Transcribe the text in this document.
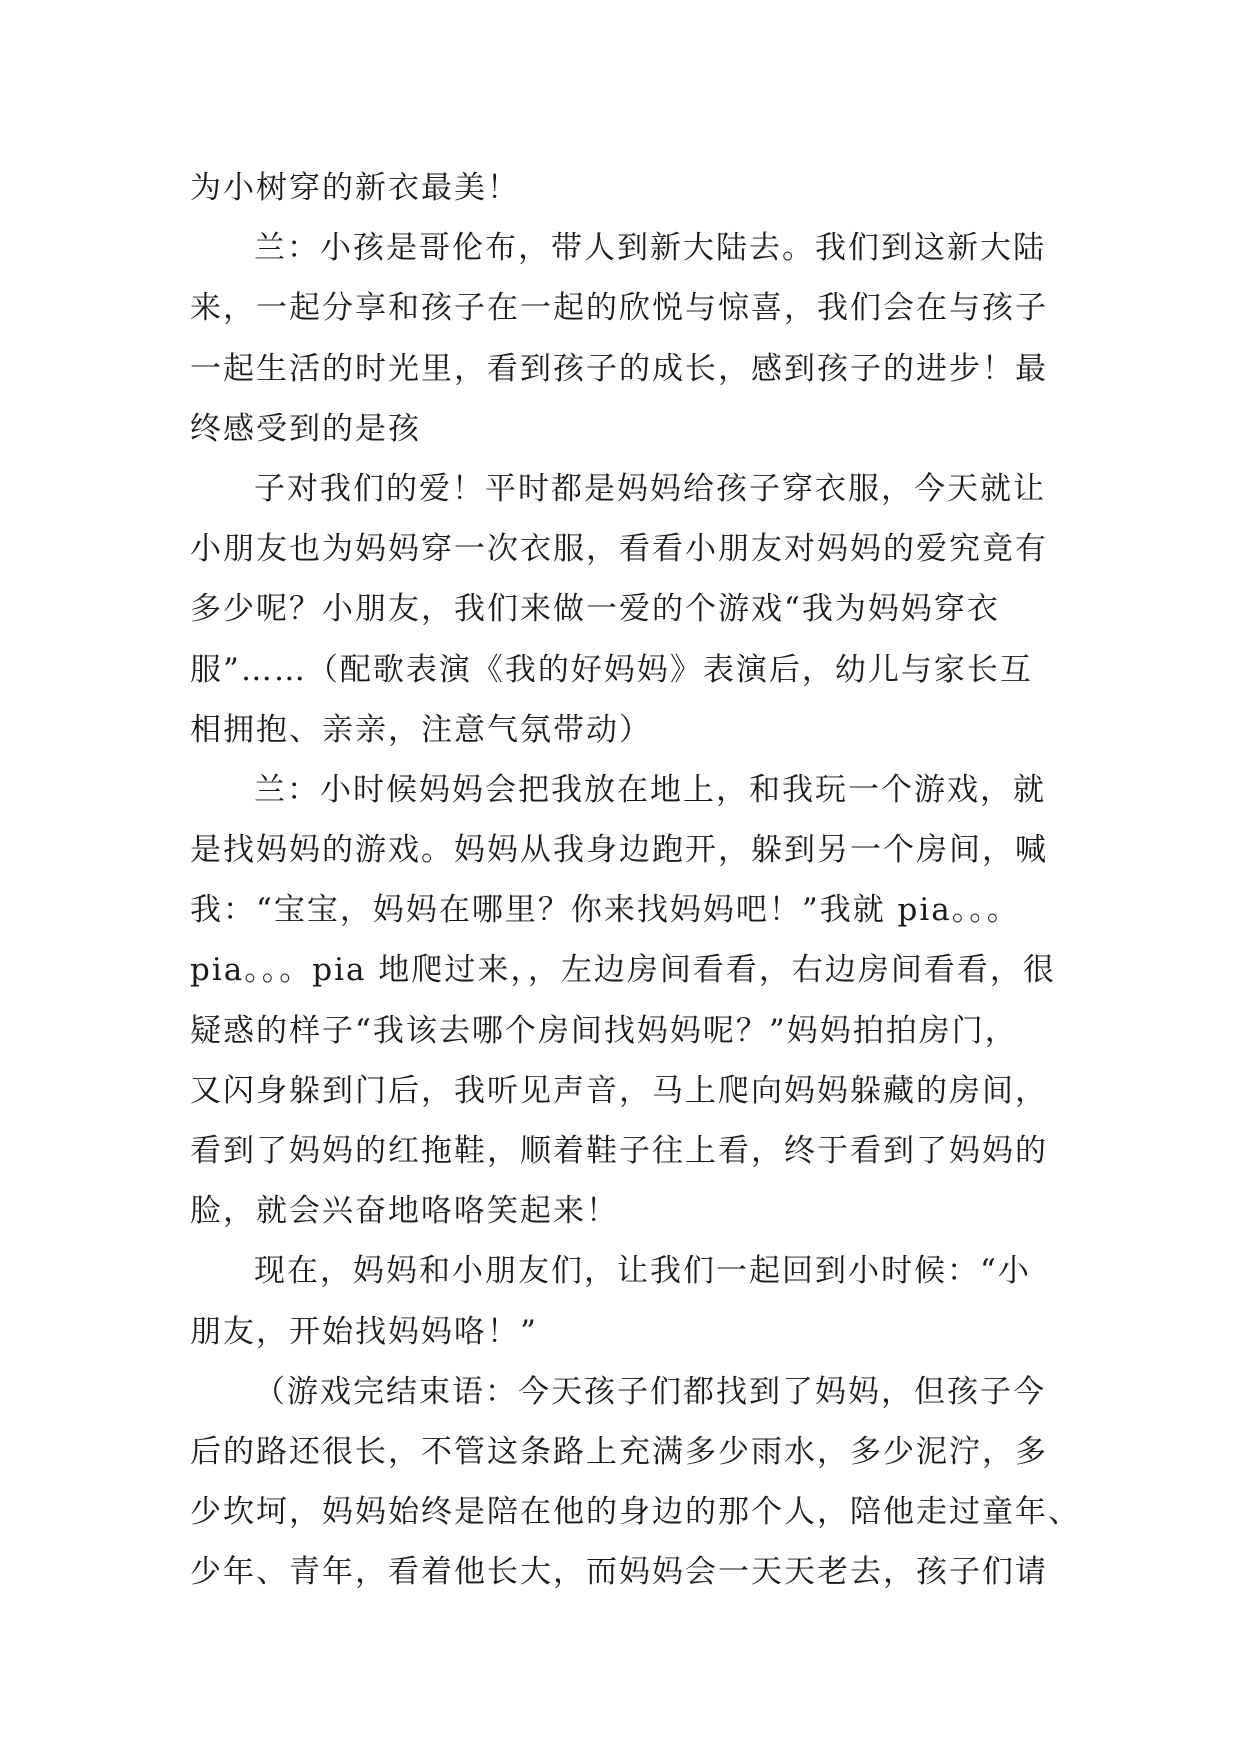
为小树穿的新衣最美！
兰：小孩是哥伦布，带人到新大陆去。我们到这新大陆
来，一起分享和孩子在一起的欣悦与惊喜，我们会在与孩子
一起生活的时光里，看到孩子的成长，感到孩子的进步！最
终感受到的是孩
子对我们的爱！平时都是妈妈给孩子穿衣服，今天就让
小朋友也为妈妈穿一次衣服，看看小朋友对妈妈的爱究竟有
多少呢？小朋友，我们来做一爱的个游戏“我为妈妈穿衣
服”……（配歌表演《我的好妈妈》表演后，幼儿与家长互
相拥抱、亲亲，注意气氛带动）
兰：小时候妈妈会把我放在地上，和我玩一个游戏，就
是找妈妈的游戏。妈妈从我身边跑开，躲到另一个房间，喊
我：“宝宝，妈妈在哪里？你来找妈妈吧！”我就 pia。。。
pia。。。pia 地爬过来，，左边房间看看，右边房间看看，很
疑惑的样子“我该去哪个房间找妈妈呢？”妈妈拍拍房门，
又闪身躲到门后，我听见声音，马上爬向妈妈躲藏的房间，
看到了妈妈的红拖鞋，顺着鞋子往上看，终于看到了妈妈的
脸，就会兴奋地咯咯笑起来！
现在，妈妈和小朋友们，让我们一起回到小时候：“小
朋友，开始找妈妈咯！”
（游戏完结束语：今天孩子们都找到了妈妈，但孩子今
后的路还很长，不管这条路上充满多少雨水，多少泥泞，多
少坎坷，妈妈始终是陪在他的身边的那个人，陪他走过童年、
少年、青年，看着他长大，而妈妈会一天天老去，孩子们请
